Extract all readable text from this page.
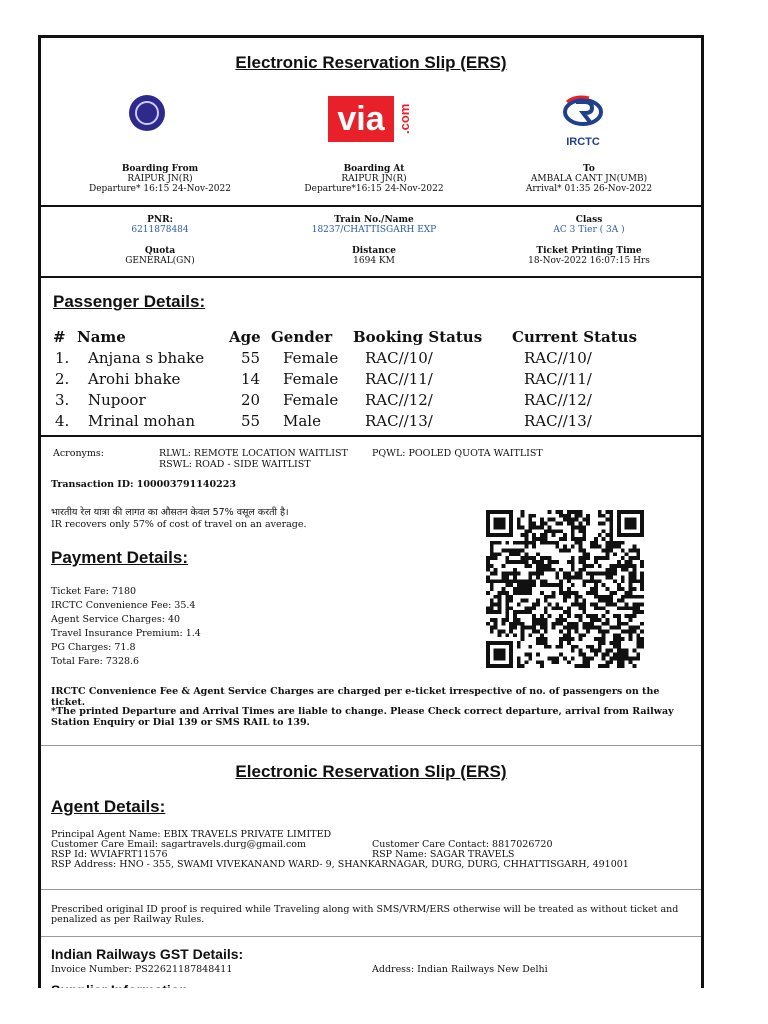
Electronic Reservation Slip (ERS)
via .com
IRCTC
Boarding From
RAIPUR JN(R)
Departure* 16:15 24-Nov-2022
Boarding At
RAIPUR JN(R)
Departure*16:15 24-Nov-2022
To
AMBALA CANT JN(UMB)
Arrival* 01:35 26-Nov-2022
PNR:
6211878484
Train No./Name
18237/CHATTISGARH EXP
Class
AC 3 Tier ( 3A )
Quota
GENERAL(GN)
Distance
1694 KM
Ticket Printing Time
18-Nov-2022 16:07:15 Hrs
Passenger Details:
# Name	Age Gender Booking Status Current Status
1. Anjana s bhake 55 Female RAC//10/	RAC//10/
2. Arohi bhake	14 Female RAC//11/	RAC//11/
3. Nupoor	20 Female RAC//12/	RAC//12/
4. Mrinal mohan	55 Male	RAC//13/	RAC//13/
Acronyms:	RLWL: REMOTE LOCATION WAITLIST	PQWL: POOLED QUOTA WAITLIST
RSWL: ROAD - SIDE WAITLIST
Transaction ID: 100003791140223
भारतीय रेल यात्रा की लागत का औसतन केवल 57% वसूल करती है।
IR recovers only 57% of cost of travel on an average.
Payment Details:
Ticket Fare: 7180
IRCTC Convenience Fee: 35.4
Agent Service Charges: 40
Travel Insurance Premium: 1.4
PG Charges: 71.8
Total Fare: 7328.6
IRCTC Convenience Fee & Agent Service Charges are charged per e-ticket irrespective of no. of passengers on the ticket.
*The printed Departure and Arrival Times are liable to change. Please Check correct departure, arrival from Railway Station Enquiry or Dial 139 or SMS RAIL to 139.
Electronic Reservation Slip (ERS)
Agent Details:
Principal Agent Name: EBIX TRAVELS PRIVATE LIMITED
Customer Care Email: sagartravels.durg@gmail.com	Customer Care Contact: 8817026720
RSP Id: WVIAFRT11576	RSP Name: SAGAR TRAVELS
RSP Address: HNO - 355, SWAMI VIVEKANAND WARD- 9, SHANKARNAGAR, DURG, DURG, CHHATTISGARH, 491001
Prescribed original ID proof is required while Traveling along with SMS/VRM/ERS otherwise will be treated as without ticket and penalized as per Railway Rules.
Indian Railways GST Details:
Invoice Number: PS22621187848411	Address: Indian Railways New Delhi
